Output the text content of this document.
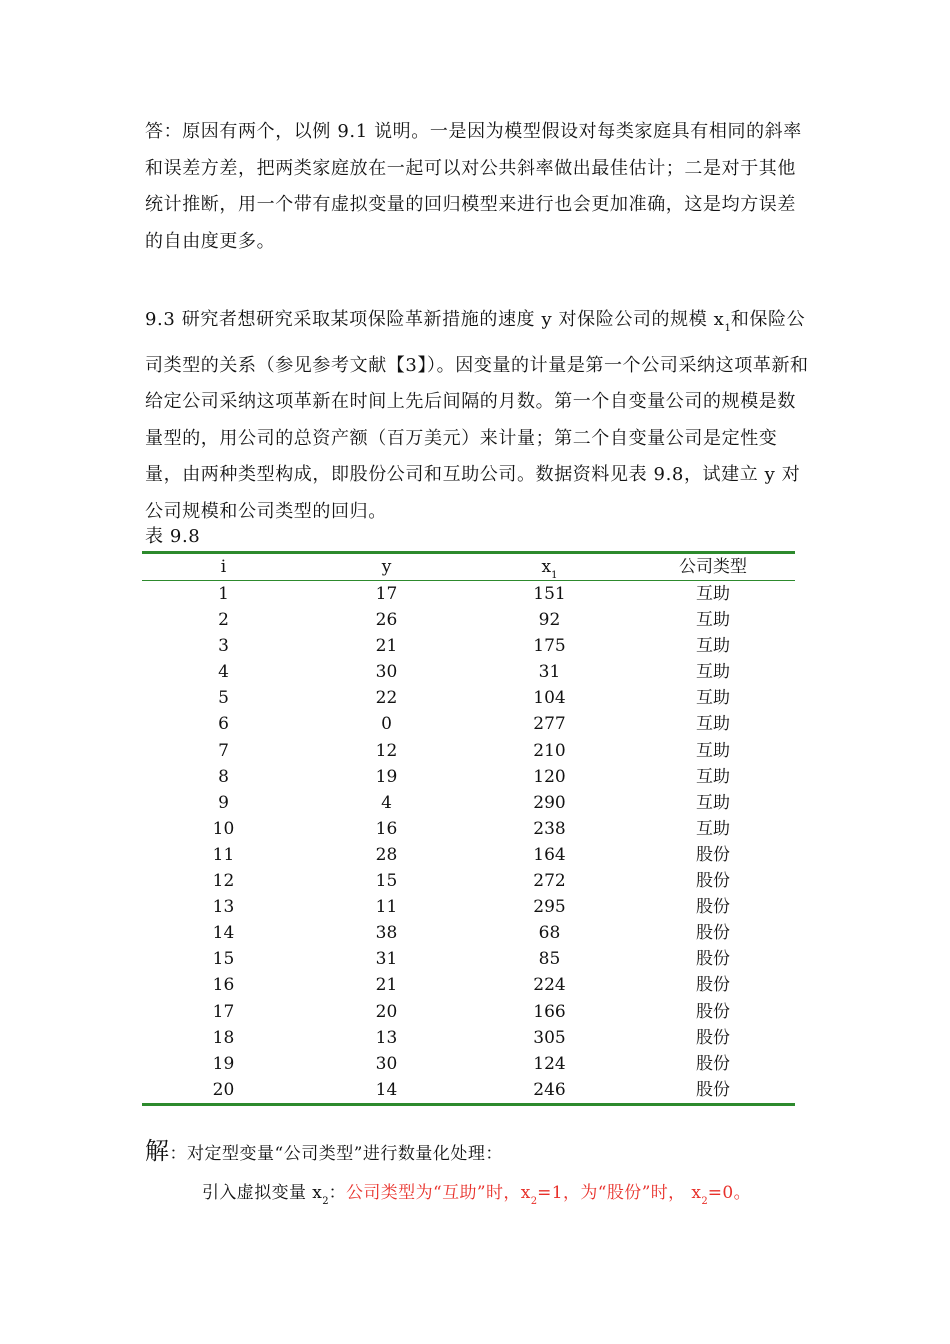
答：原因有两个，以例 9.1 说明。一是因为模型假设对每类家庭具有相同的斜率和误差方差，把两类家庭放在一起可以对公共斜率做出最佳估计；二是对于其他统计推断，用一个带有虚拟变量的回归模型来进行也会更加准确，这是均方误差的自由度更多。

9.3 研究者想研究采取某项保险革新措施的速度 y 对保险公司的规模 $x_1$和保险公司类型的关系（参见参考文献【3】）。因变量的计量是第一个公司采纳这项革新和给定公司采纳这项革新在时间上先后间隔的月数。第一个自变量公司的规模是数量型的，用公司的总资产额（百万美元）来计量；第二个自变量公司是定性变量，由两种类型构成，即股份公司和互助公司。数据资料见表 9.8，试建立 y 对公司规模和公司类型的回归。

表 9.8
i	y	$x_1$	公司类型
1	17	151	互助
2	26	92	互助
3	21	175	互助
4	30	31	互助
5	22	104	互助
6	0	277	互助
7	12	210	互助
8	19	120	互助
9	4	290	互助
10	16	238	互助
11	28	164	股份
12	15	272	股份
13	11	295	股份
14	38	68	股份
15	31	85	股份
16	21	224	股份
17	20	166	股份
18	13	305	股份
19	30	124	股份
20	14	246	股份
解：对定型变量“公司类型”进行数量化处理：
引入虚拟变量 $x_2$：公司类型为“互助”时，$x_2=1$，为“股份”时， $x_2=0$。
